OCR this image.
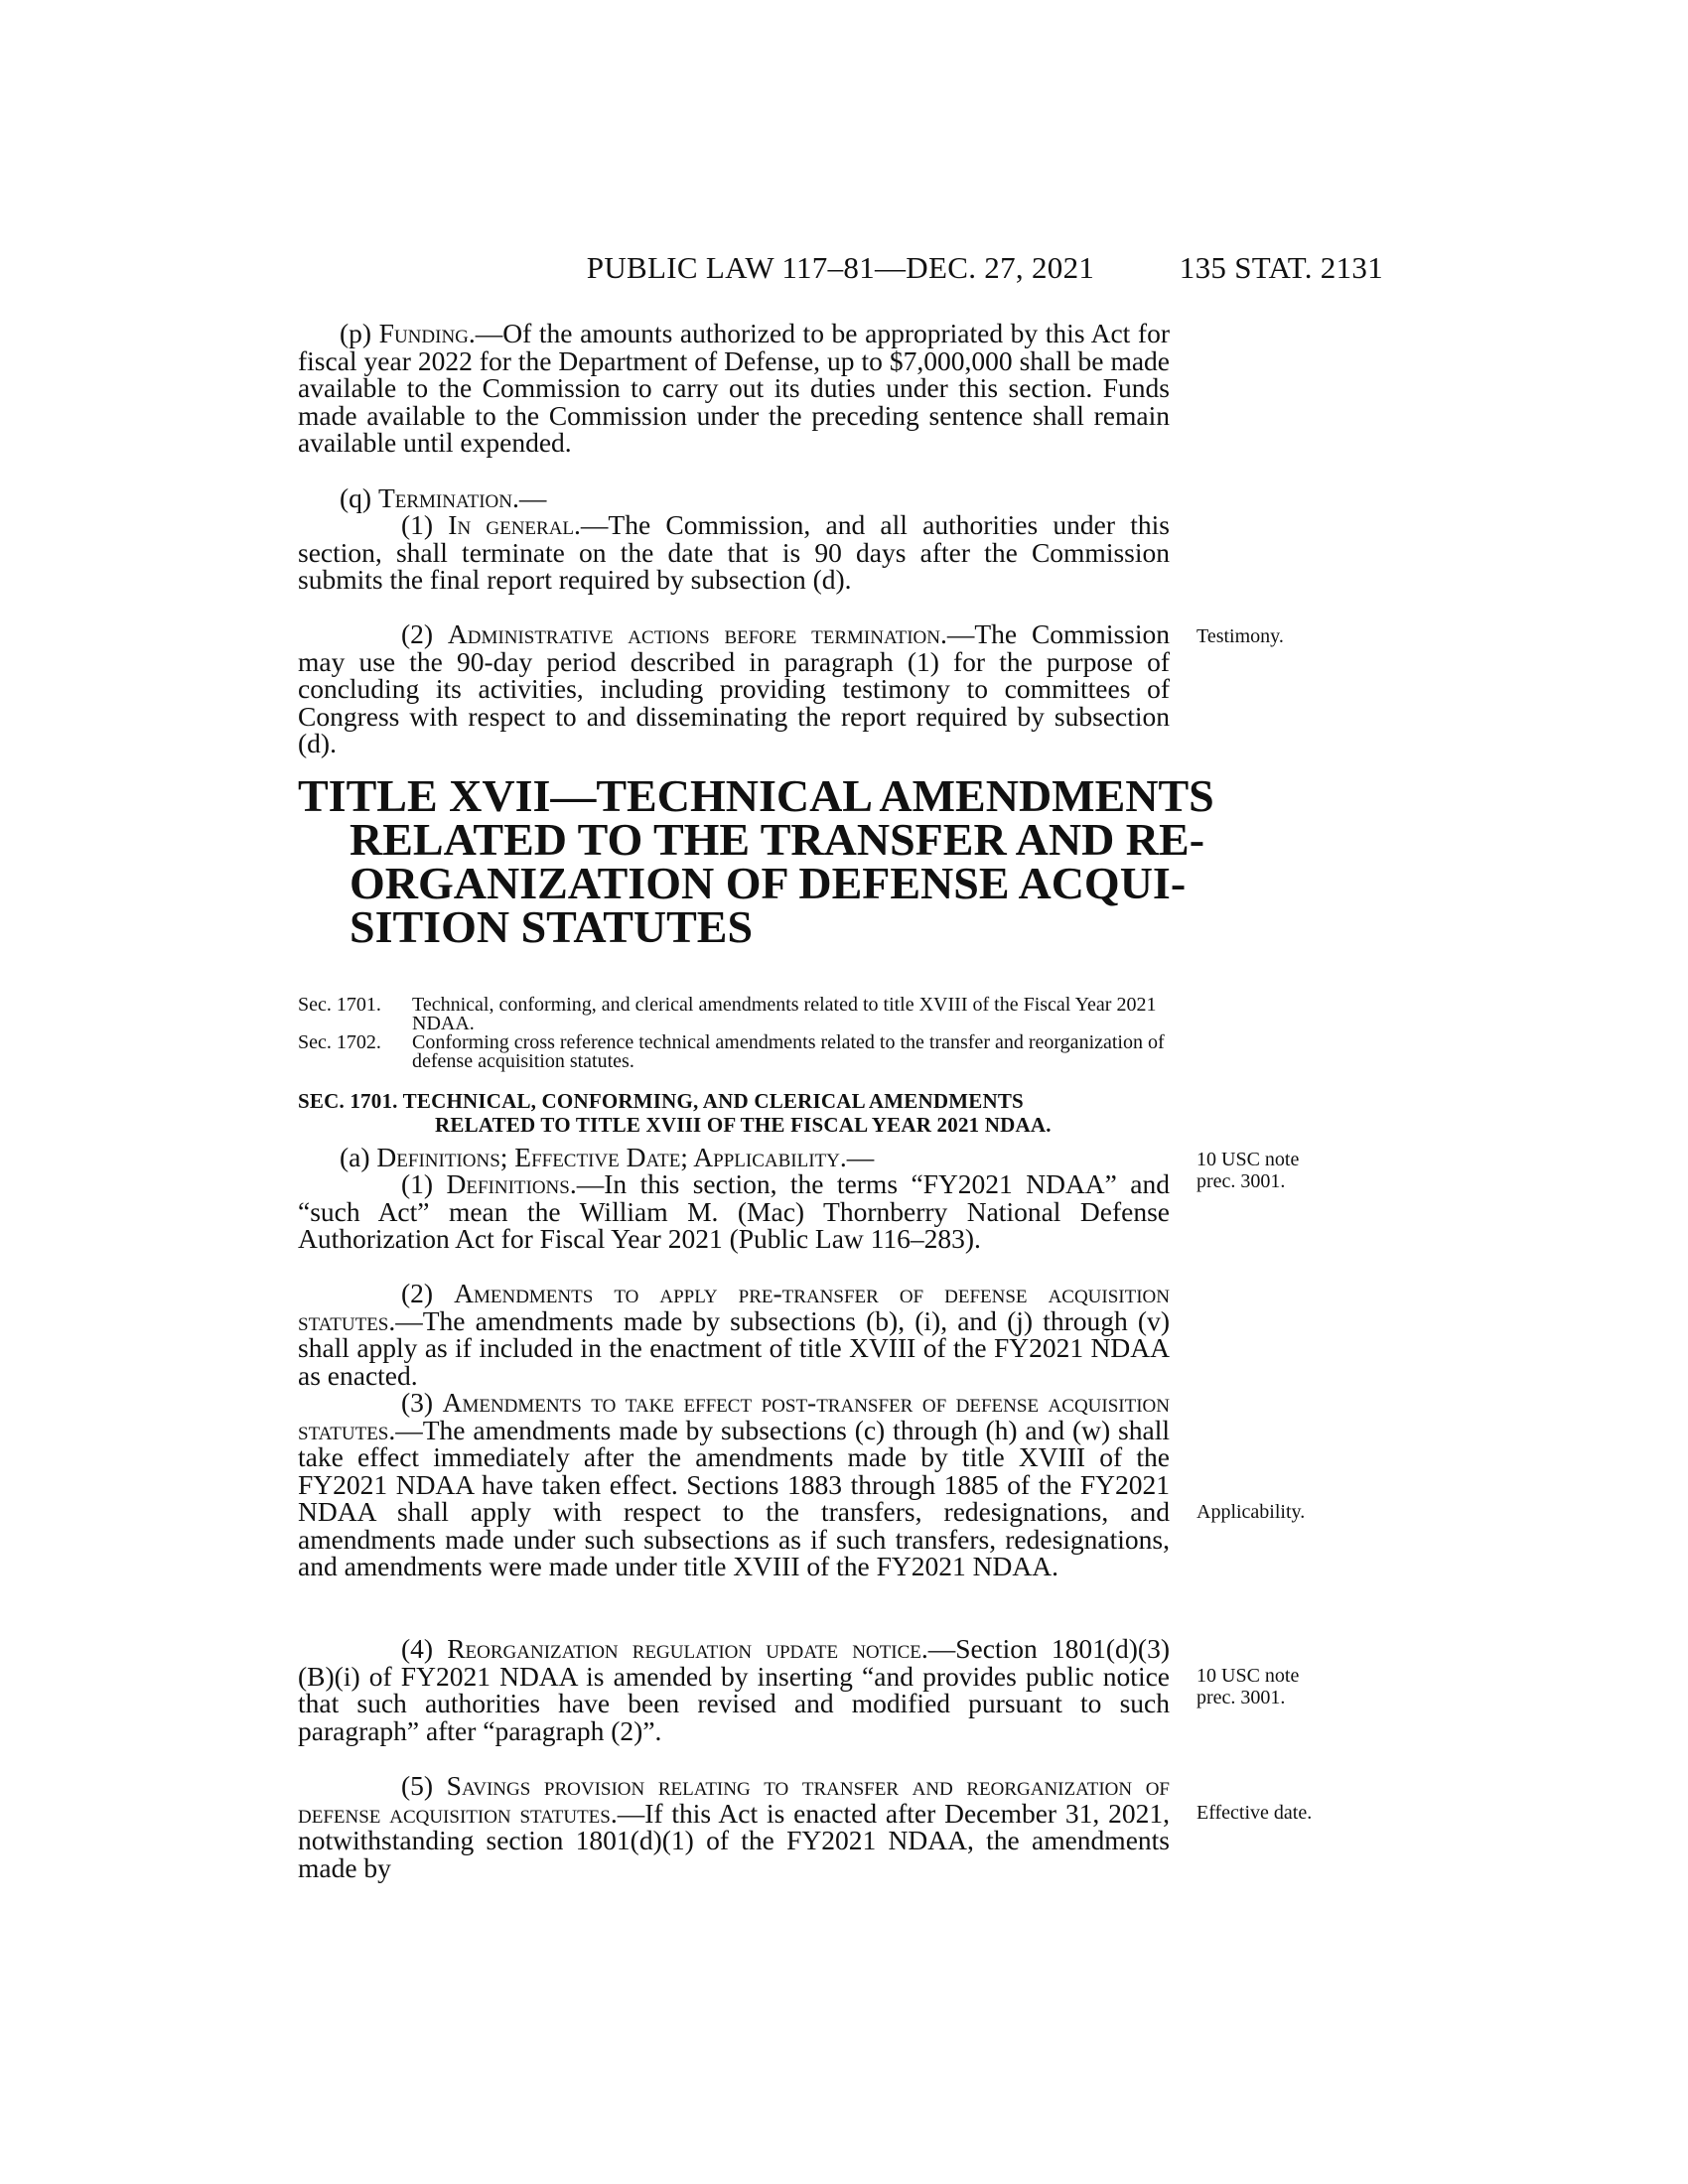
PUBLIC LAW 117–81—DEC. 27, 2021	135 STAT. 2131

(p) Funding.—Of the amounts authorized to be appropriated by this Act for fiscal year 2022 for the Department of Defense, up to $7,000,000 shall be made available to the Commission to carry out its duties under this section. Funds made available to the Commission under the preceding sentence shall remain available until expended.

(q) Termination.—

(1) In general.—The Commission, and all authorities under this section, shall terminate on the date that is 90 days after the Commission submits the final report required by subsection (d).

(2) Administrative actions before termination.—The Commission may use the 90-day period described in paragraph (1) for the purpose of concluding its activities, including providing testimony to committees of Congress with respect to and disseminating the report required by subsection (d).

TITLE XVII—TECHNICAL AMENDMENTS
RELATED TO THE TRANSFER AND RE-
ORGANIZATION OF DEFENSE ACQUI-
SITION STATUTES
Sec. 1701. Technical, conforming, and clerical amendments related to title XVIII of the Fiscal Year 2021 NDAA.
Sec. 1702. Conforming cross reference technical amendments related to the transfer and reorganization of defense acquisition statutes.
SEC. 1701. TECHNICAL, CONFORMING, AND CLERICAL AMENDMENTS
RELATED TO TITLE XVIII OF THE FISCAL YEAR 2021 NDAA.

(a) Definitions; Effective Date; Applicability.—

(1) Definitions.—In this section, the terms “FY2021 NDAA” and “such Act” mean the William M. (Mac) Thornberry National Defense Authorization Act for Fiscal Year 2021 (Public Law 116–283).

(2) Amendments to apply pre-transfer of defense acquisition statutes.—The amendments made by subsections (b), (i), and (j) through (v) shall apply as if included in the enactment of title XVIII of the FY2021 NDAA as enacted.

(3) Amendments to take effect post-transfer of defense acquisition statutes.—The amendments made by subsections (c) through (h) and (w) shall take effect immediately after the amendments made by title XVIII of the FY2021 NDAA have taken effect. Sections 1883 through 1885 of the FY2021 NDAA shall apply with respect to the transfers, redesignations, and amendments made under such subsections as if such transfers, redesignations, and amendments were made under title XVIII of the FY2021 NDAA.

(4) Reorganization regulation update notice.—Section 1801(d)(3)(B)(i) of FY2021 NDAA is amended by inserting “and provides public notice that such authorities have been revised and modified pursuant to such paragraph” after “paragraph (2)”.

(5) Savings provision relating to transfer and reorganization of defense acquisition statutes.—If this Act is enacted after December 31, 2021, notwithstanding section 1801(d)(1) of the FY2021 NDAA, the amendments made by

Testimony.
10 USC note
prec. 3001.
Applicability.
10 USC note
prec. 3001.
Effective date.
